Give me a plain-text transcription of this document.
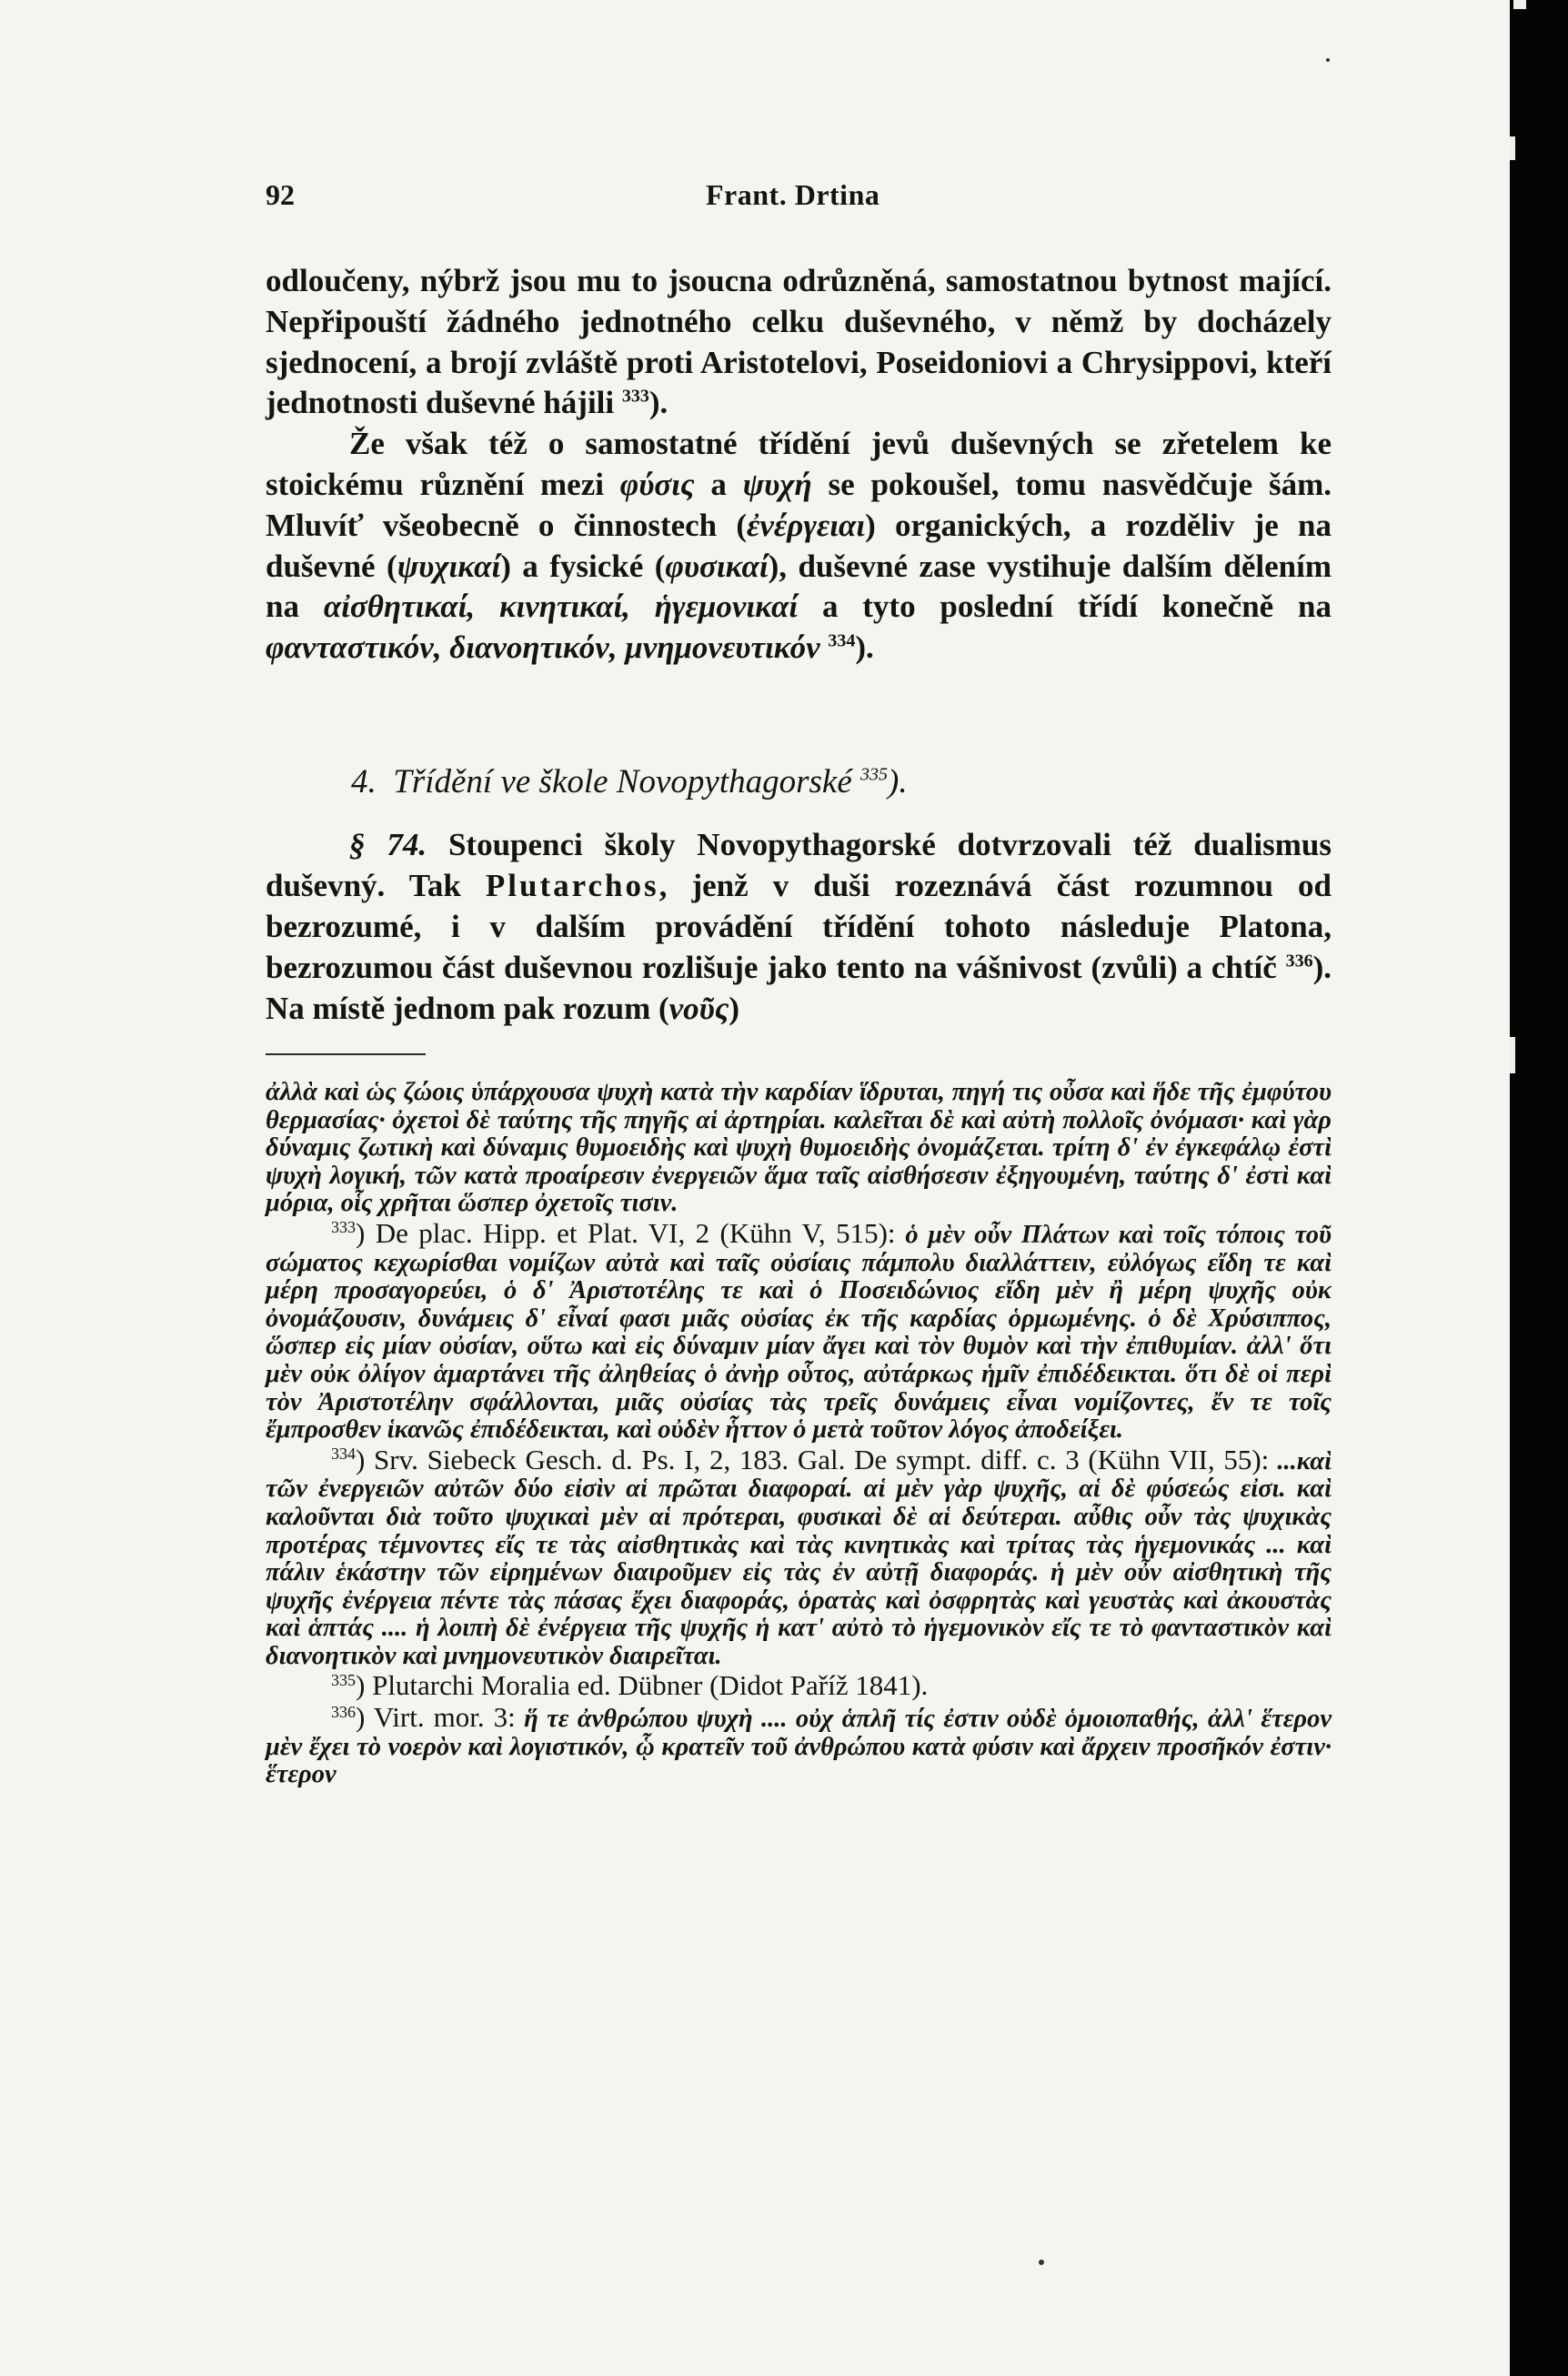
92	Frant. Drtina

odloučeny, nýbrž jsou mu to jsoucna odrůzněná, samostatnou bytnost mající. Nepřipouští žádného jednotného celku duševného, v němž by docházely sjednocení, a brojí zvláště proti Aristotelovi, Poseidoniovi a Chrysippovi, kteří jednotnosti duševné hájili $^{333}$).

Že však též o samostatné třídění jevů duševných se zřetelem ke stoickému různění mezi φύσις a ψυχή se pokoušel, tomu nasvědčuje šám. Mluvíť všeobecně o činnostech (ἐνέργειαι) organických, a rozděliv je na duševné (ψυχικαί) a fysické (φυσικαί), duševné zase vystihuje dalším dělením na αἰσθητικαί, κινητικαί, ἡγεμονικαί a tyto poslední třídí konečně na φανταστικόν, διανοητικόν, μνημονευτικόν $^{334}$).

4. Třídění ve škole Novopythagorské $^{335}$).

§ 74. Stoupenci školy Novopythagorské dotvrzovali též dualismus duševný. Tak Plutarchos, jenž v duši rozeznává část rozumnou od bezrozumé, i v dalším provádění třídění tohoto následuje Platona, bezrozumou část duševnou rozlišuje jako tento na vášnivost (zvůli) a chtíč $^{336}$). Na místě jednom pak rozum (νοῦς)

ἀλλὰ καὶ ὡς ζώοις ὑπάρχουσα ψυχὴ κατὰ τὴν καρδίαν ἵδρυται, πηγή τις οὖσα καὶ ἥδε τῆς ἐμφύτου θερμασίας· ὀχετοὶ δὲ ταύτης τῆς πηγῆς αἱ ἀρτηρίαι. καλεῖται δὲ καὶ αὐτὴ πολλοῖς ὀνόμασι· καὶ γὰρ δύναμις ζωτικὴ καὶ δύναμις θυμοειδὴς καὶ ψυχὴ θυμοειδὴς ὀνομάζεται. τρίτη δ' ἐν ἐγκεφάλῳ ἐστὶ ψυχὴ λογική, τῶν κατὰ προαίρεσιν ἐνεργειῶν ἅμα ταῖς αἰσθήσεσιν ἐξηγουμένη, ταύτης δ' ἐστὶ καὶ μόρια, οἷς χρῆται ὥσπερ ὀχετοῖς τισιν.

$^{333}$) De plac. Hipp. et Plat. VI, 2 (Kühn V, 515): ὁ μὲν οὖν Πλάτων καὶ τοῖς τόποις τοῦ σώματος κεχωρίσθαι νομίζων αὐτὰ καὶ ταῖς οὐσίαις πάμπολυ διαλλάττειν, εὐλόγως εἴδη τε καὶ μέρη προσαγορεύει, ὁ δ' Ἀριστοτέλης τε καὶ ὁ Ποσειδώνιος εἴδη μὲν ἢ μέρη ψυχῆς οὐκ ὀνομάζουσιν, δυνάμεις δ' εἶναί φασι μιᾶς οὐσίας ἐκ τῆς καρδίας ὁρμωμένης. ὁ δὲ Χρύσιππος, ὥσπερ εἰς μίαν οὐσίαν, οὕτω καὶ εἰς δύναμιν μίαν ἄγει καὶ τὸν θυμὸν καὶ τὴν ἐπιθυμίαν. ἀλλ' ὅτι μὲν οὐκ ὀλίγον ἁμαρτάνει τῆς ἀληθείας ὁ ἀνὴρ οὗτος, αὐτάρκως ἡμῖν ἐπιδέδεικται. ὅτι δὲ οἱ περὶ τὸν Ἀριστοτέλην σφάλλονται, μιᾶς οὐσίας τὰς τρεῖς δυνάμεις εἶναι νομίζοντες, ἔν τε τοῖς ἔμπροσθεν ἱκανῶς ἐπιδέδεικται, καὶ οὐδὲν ἧττον ὁ μετὰ τοῦτον λόγος ἀποδείξει.

$^{334}$) Srv. Siebeck Gesch. d. Ps. I, 2, 183. Gal. De sympt. diff. c. 3 (Kühn VII, 55): ...καὶ τῶν ἐνεργειῶν αὐτῶν δύο εἰσὶν αἱ πρῶται διαφοραί. αἱ μὲν γὰρ ψυχῆς, αἱ δὲ φύσεώς εἰσι. καὶ καλοῦνται διὰ τοῦτο ψυχικαὶ μὲν αἱ πρότεραι, φυσικαὶ δὲ αἱ δεύτεραι. αὖθις οὖν τὰς ψυχικὰς προτέρας τέμνοντες εἴς τε τὰς αἰσθητικὰς καὶ τὰς κινητικὰς καὶ τρίτας τὰς ἡγεμονικάς ... καὶ πάλιν ἑκάστην τῶν εἰρημένων διαιροῦμεν εἰς τὰς ἐν αὐτῇ διαφοράς. ἡ μὲν οὖν αἰσθητικὴ τῆς ψυχῆς ἐνέργεια πέντε τὰς πάσας ἔχει διαφοράς, ὁρατὰς καὶ ὀσφρητὰς καὶ γευστὰς καὶ ἀκουστὰς καὶ ἁπτάς .... ἡ λοιπὴ δὲ ἐνέργεια τῆς ψυχῆς ἡ κατ' αὐτὸ τὸ ἡγεμονικὸν εἴς τε τὸ φανταστικὸν καὶ διανοητικὸν καὶ μνημονευτικὸν διαιρεῖται.

$^{335}$) Plutarchi Moralia ed. Dübner (Didot Paříž 1841).

$^{336}$) Virt. mor. 3: ἥ τε ἀνθρώπου ψυχὴ .... οὐχ ἁπλῆ τίς ἐστιν οὐδὲ ὁμοιοπαθής, ἀλλ' ἕτερον μὲν ἔχει τὸ νοερὸν καὶ λογιστικόν, ᾧ κρατεῖν τοῦ ἀνθρώπου κατὰ φύσιν καὶ ἄρχειν προσῆκόν ἐστιν· ἕτερον
